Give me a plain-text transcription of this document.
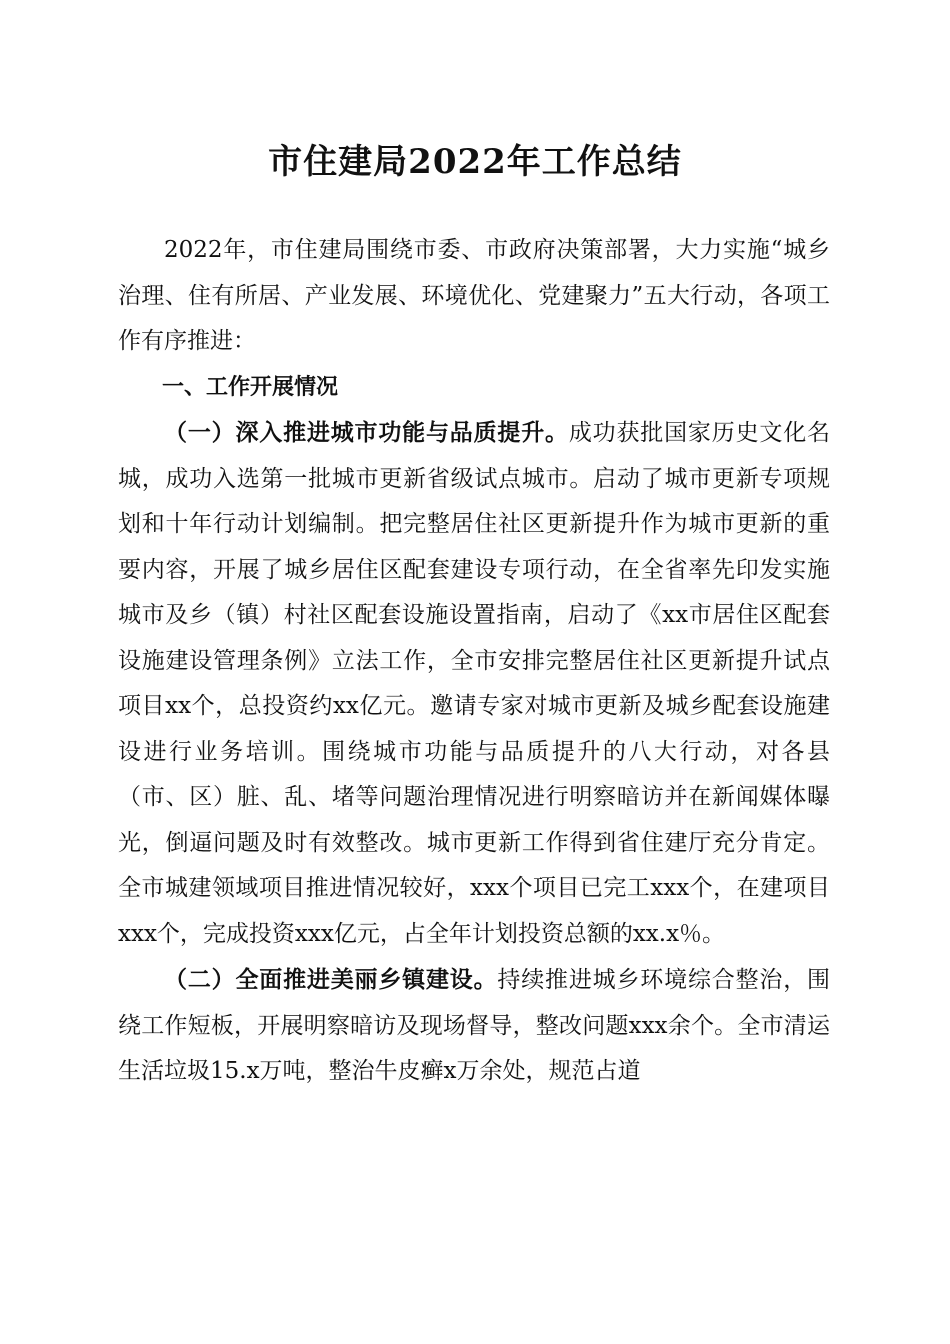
市住建局2022年工作总结

2022年，市住建局围绕市委、市政府决策部署，大力实施“城乡治理、住有所居、产业发展、环境优化、党建聚力”五大行动，各项工作有序推进：

一、工作开展情况

（一）深入推进城市功能与品质提升。成功获批国家历史文化名城，成功入选第一批城市更新省级试点城市。启动了城市更新专项规划和十年行动计划编制。把完整居住社区更新提升作为城市更新的重要内容，开展了城乡居住区配套建设专项行动，在全省率先印发实施城市及乡（镇）村社区配套设施设置指南，启动了《xx市居住区配套设施建设管理条例》立法工作，全市安排完整居住社区更新提升试点项目xx个，总投资约xx亿元。邀请专家对城市更新及城乡配套设施建设进行业务培训。围绕城市功能与品质提升的八大行动，对各县（市、区）脏、乱、堵等问题治理情况进行明察暗访并在新闻媒体曝光，倒逼问题及时有效整改。城市更新工作得到省住建厅充分肯定。全市城建领域项目推进情况较好，xxx个项目已完工xxx个，在建项目xxx个，完成投资xxx亿元，占全年计划投资总额的xx.x％。

（二）全面推进美丽乡镇建设。持续推进城乡环境综合整治，围绕工作短板，开展明察暗访及现场督导，整改问题xxx余个。全市清运生活垃圾15.x万吨，整治牛皮癣x万余处，规范占道
